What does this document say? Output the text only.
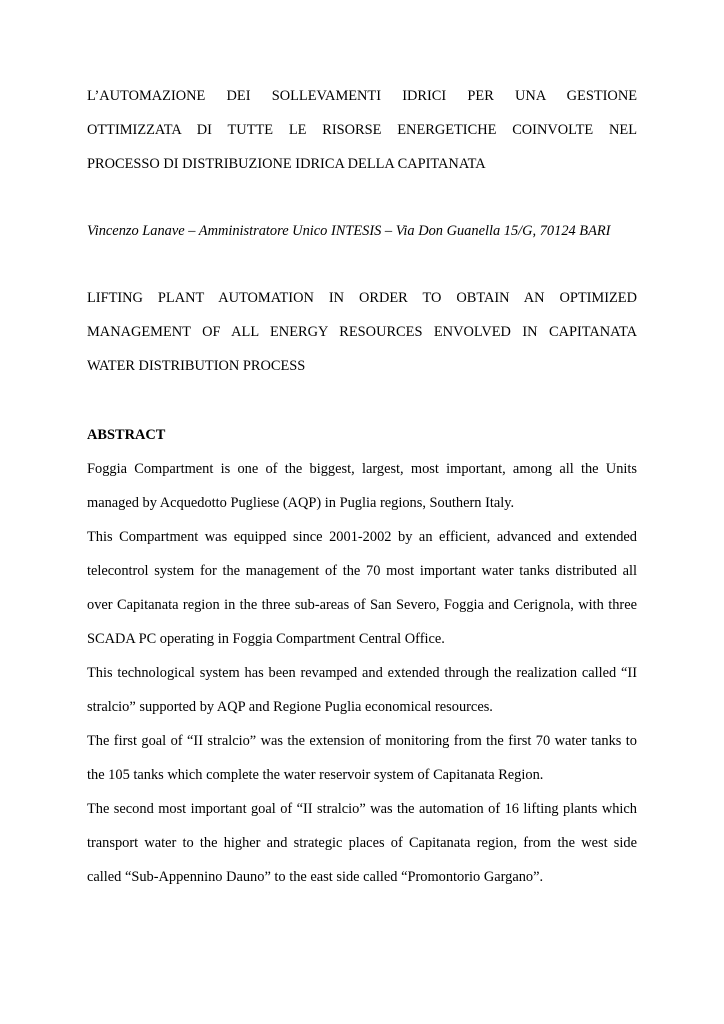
L’AUTOMAZIONE DEI SOLLEVAMENTI IDRICI PER UNA GESTIONE
OTTIMIZZATA DI TUTTE LE RISORSE ENERGETICHE COINVOLTE NEL
PROCESSO DI DISTRIBUZIONE IDRICA DELLA CAPITANATA
Vincenzo Lanave – Amministratore Unico INTESIS – Via Don Guanella 15/G, 70124 BARI
LIFTING PLANT AUTOMATION IN ORDER TO OBTAIN AN OPTIMIZED
MANAGEMENT OF ALL ENERGY RESOURCES ENVOLVED IN CAPITANATA
WATER DISTRIBUTION PROCESS
ABSTRACT
Foggia Compartment is one of the biggest, largest, most important, among all the Units
managed by Acquedotto Pugliese (AQP) in Puglia regions, Southern Italy.
This Compartment was equipped since 2001-2002 by an efficient, advanced and extended
telecontrol system for the management of the 70 most important water tanks distributed all
over Capitanata region in the three sub-areas of San Severo, Foggia and Cerignola, with three
SCADA PC operating in Foggia Compartment Central Office.
This technological system has been revamped and extended through the realization called “II
stralcio” supported by AQP and Regione Puglia economical resources.
The first goal of “II stralcio” was the extension of monitoring from the first 70 water tanks to
the 105 tanks which complete the water reservoir system of Capitanata Region.
The second most important goal of “II stralcio” was the automation of 16 lifting plants which
transport water to the higher and strategic places of Capitanata region, from the west side
called “Sub-Appennino Dauno” to the east side called “Promontorio Gargano”.
